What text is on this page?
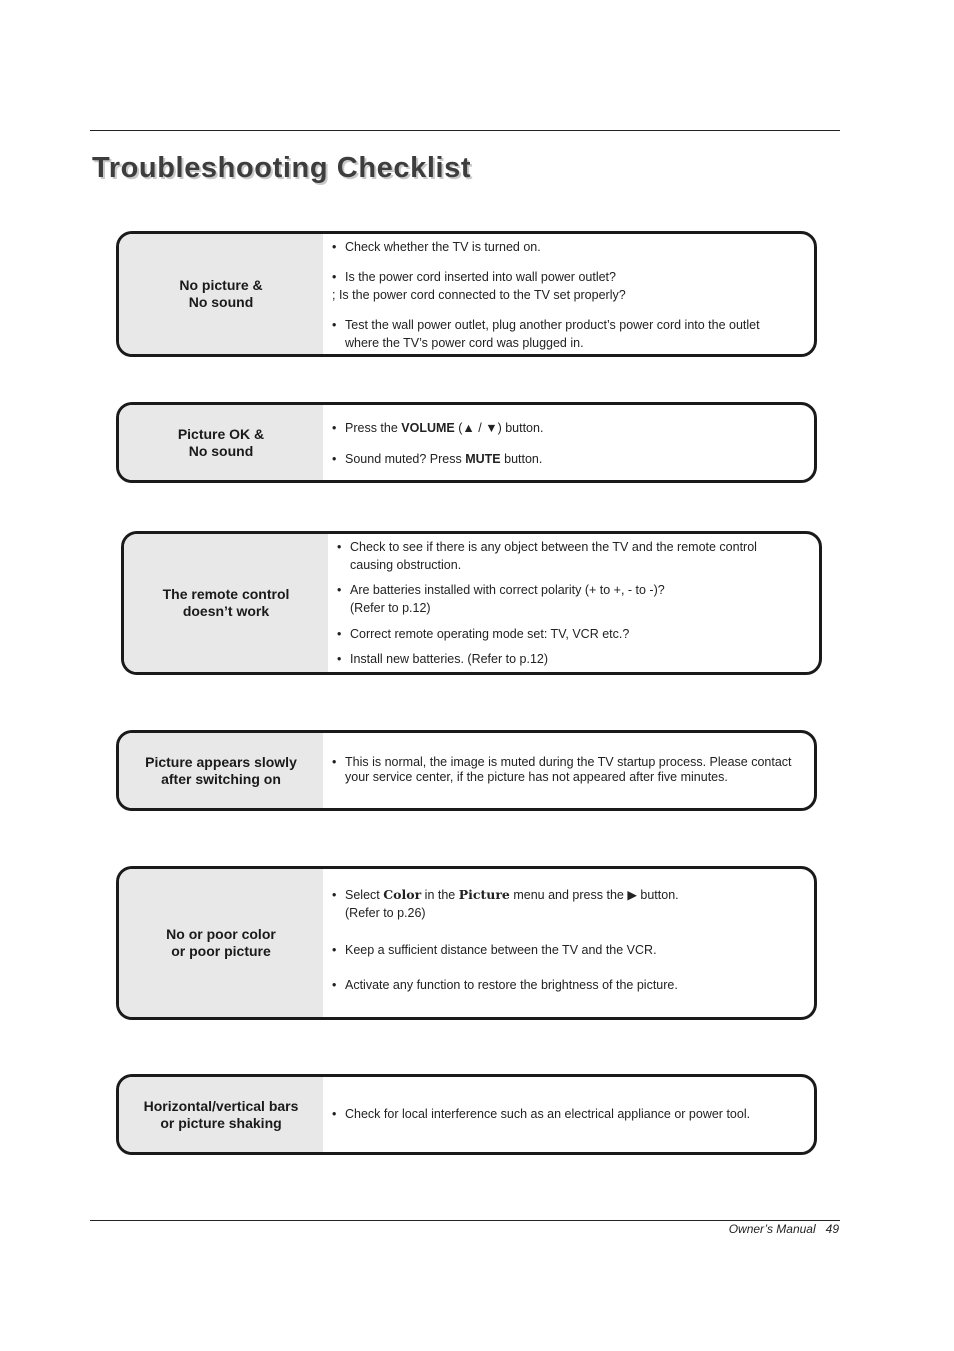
Troubleshooting Checklist
No picture &
No sound
• Check whether the TV is turned on.
• Is the power cord inserted into wall power outlet?
; Is the power cord connected to the TV set properly?
• Test the wall power outlet, plug another product’s power cord into the outlet where the TV’s power cord was plugged in.
Picture OK &
No sound
• Press the VOLUME (▲ / ▼) button.
• Sound muted? Press MUTE button.
The remote control
doesn’t work
• Check to see if there is any object between the TV and the remote control causing obstruction.
• Are batteries installed with correct polarity (+ to +, - to -)?
(Refer to p.12)
• Correct remote operating mode set: TV, VCR etc.?
• Install new batteries. (Refer to p.12)
Picture appears slowly
after switching on
• This is normal, the image is muted during the TV startup process. Please contact your service center, if the picture has not appeared after five minutes.
No or poor color
or poor picture
• Select Color in the Picture menu and press the ▶ button.
(Refer to p.26)
• Keep a sufficient distance between the TV and the VCR.
• Activate any function to restore the brightness of the picture.
Horizontal/vertical bars
or picture shaking
• Check for local interference such as an electrical appliance or power tool.
Owner’s Manual 49
